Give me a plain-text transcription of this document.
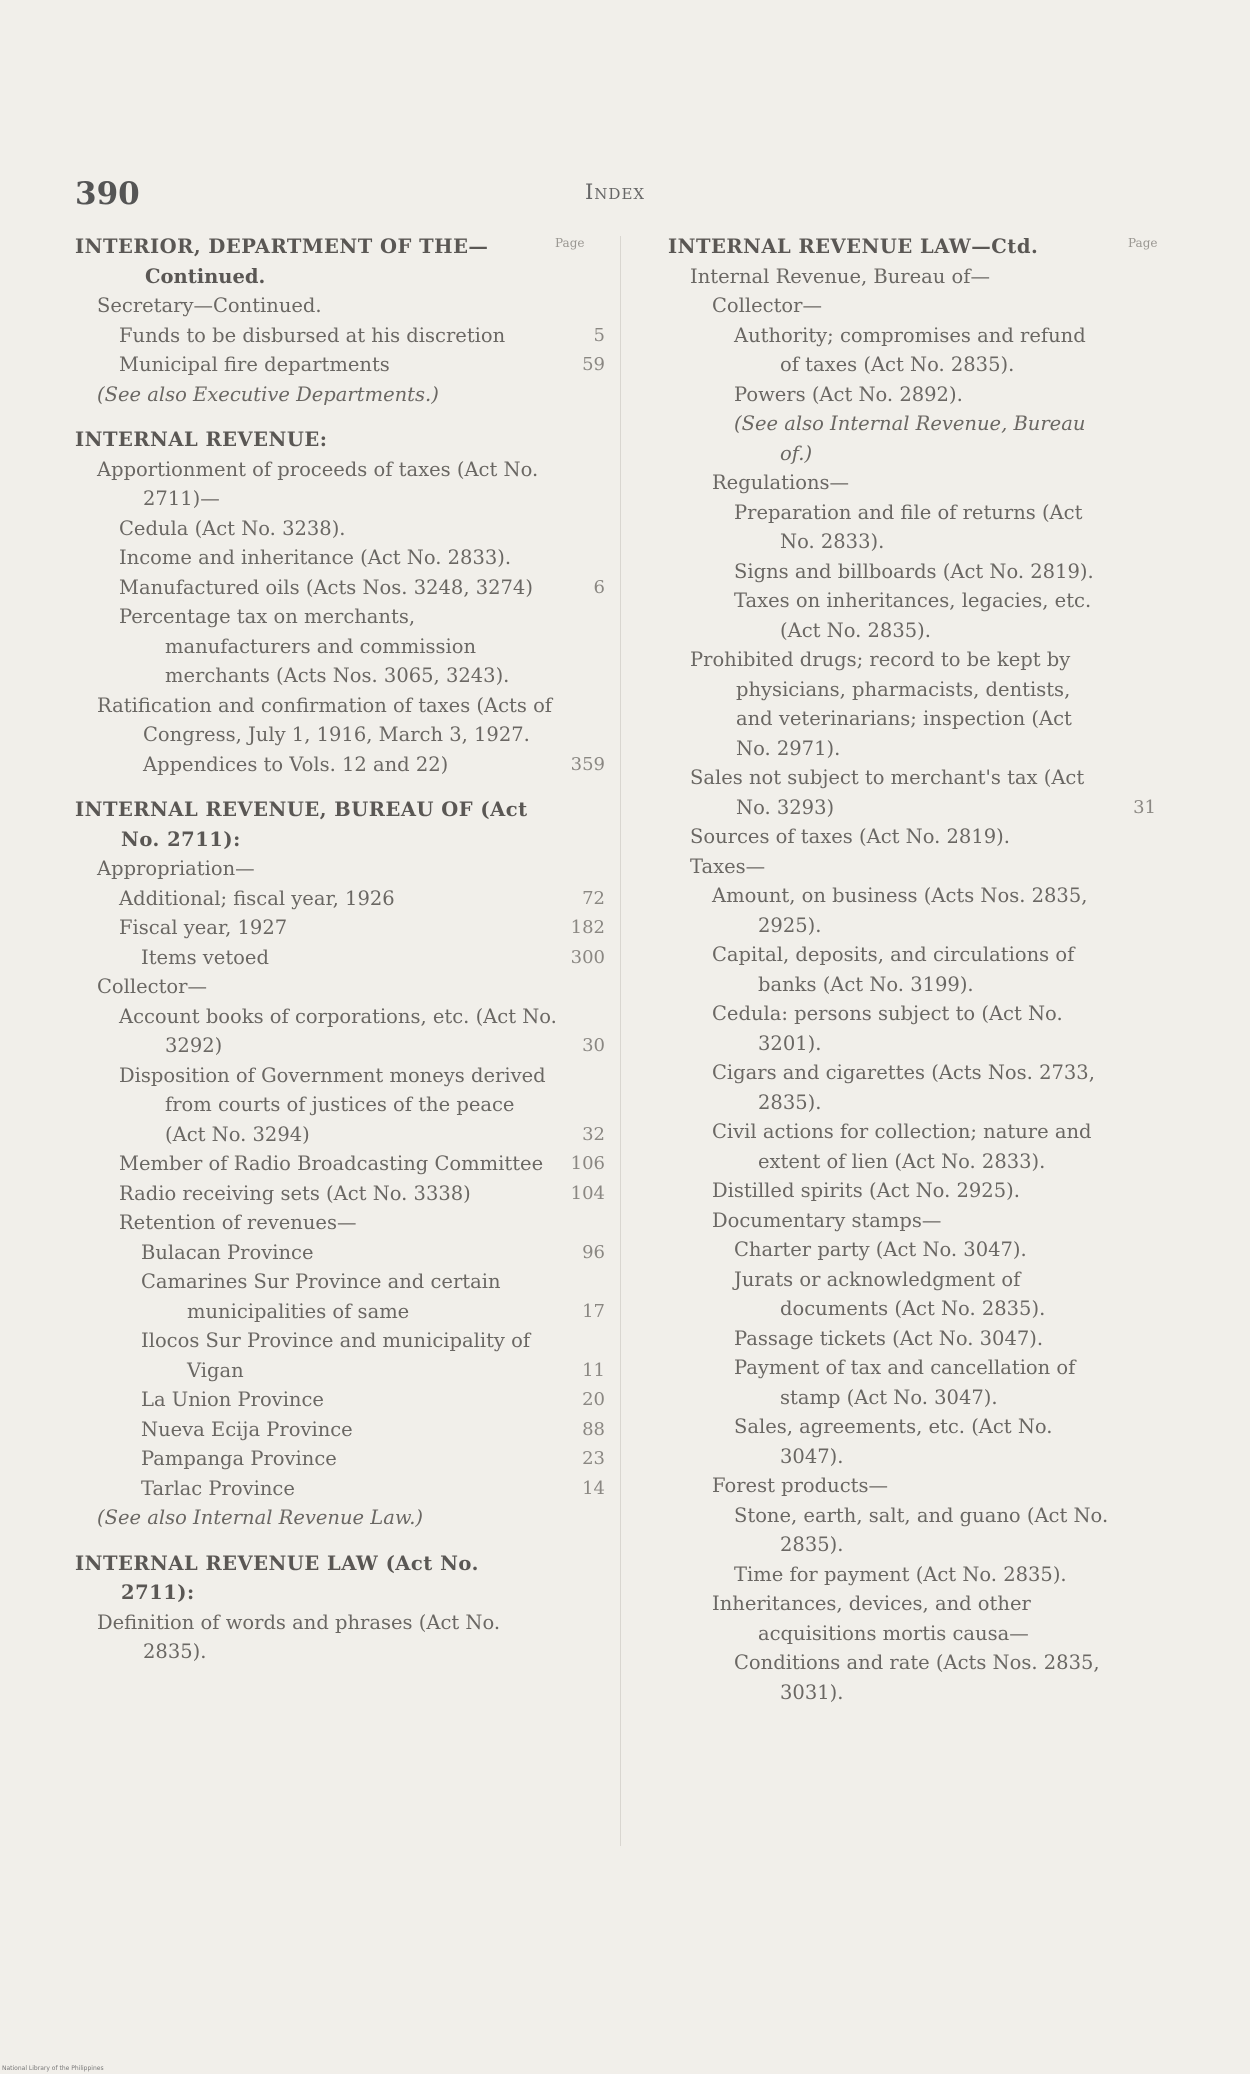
390	Index
Page	Page
INTERIOR, DEPARTMENT OF THE—
Continued.
Secretary—Continued.
Funds to be disbursed at his discretion	5
Municipal fire departments	59
(See also Executive Departments.)
INTERNAL REVENUE:
Apportionment of proceeds of taxes (Act No. 2711)—
Cedula (Act No. 3238).
Income and inheritance (Act No. 2833).
Manufactured oils (Acts Nos. 3248, 3274)	6
Percentage tax on merchants, manufacturers and commission merchants (Acts Nos. 3065, 3243).
Ratification and confirmation of taxes (Acts of Congress, July 1, 1916, March 3, 1927. Appendices to Vols. 12 and 22)	359
INTERNAL REVENUE, BUREAU OF (Act No. 2711):
Appropriation—
Additional; fiscal year, 1926	72
Fiscal year, 1927	182
Items vetoed	300
Collector—
Account books of corporations, etc. (Act No. 3292)	30
Disposition of Government moneys derived from courts of justices of the peace (Act No. 3294)	32
Member of Radio Broadcasting Committee	106
Radio receiving sets (Act No. 3338)	104
Retention of revenues—
Bulacan Province	96
Camarines Sur Province and certain municipalities of same	17
Ilocos Sur Province and municipality of Vigan	11
La Union Province	20
Nueva Ecija Province	88
Pampanga Province	23
Tarlac Province	14
(See also Internal Revenue Law.)
INTERNAL REVENUE LAW (Act No. 2711):
Definition of words and phrases (Act No. 2835).
INTERNAL REVENUE LAW—Ctd.
Internal Revenue, Bureau of—
Collector—
Authority; compromises and refund of taxes (Act No. 2835).
Powers (Act No. 2892).
(See also Internal Revenue, Bureau of.)
Regulations—
Preparation and file of returns (Act No. 2833).
Signs and billboards (Act No. 2819).
Taxes on inheritances, legacies, etc. (Act No. 2835).
Prohibited drugs; record to be kept by physicians, pharmacists, dentists, and veterinarians; inspection (Act No. 2971).
Sales not subject to merchant's tax (Act No. 3293)	31
Sources of taxes (Act No. 2819).
Taxes—
Amount, on business (Acts Nos. 2835, 2925).
Capital, deposits, and circulations of banks (Act No. 3199).
Cedula: persons subject to (Act No. 3201).
Cigars and cigarettes (Acts Nos. 2733, 2835).
Civil actions for collection; nature and extent of lien (Act No. 2833).
Distilled spirits (Act No. 2925).
Documentary stamps—
Charter party (Act No. 3047).
Jurats or acknowledgment of documents (Act No. 2835).
Passage tickets (Act No. 3047).
Payment of tax and cancellation of stamp (Act No. 3047).
Sales, agreements, etc. (Act No. 3047).
Forest products—
Stone, earth, salt, and guano (Act No. 2835).
Time for payment (Act No. 2835).
Inheritances, devices, and other acquisitions mortis causa—
Conditions and rate (Acts Nos. 2835, 3031).
National Library of the Philippines
